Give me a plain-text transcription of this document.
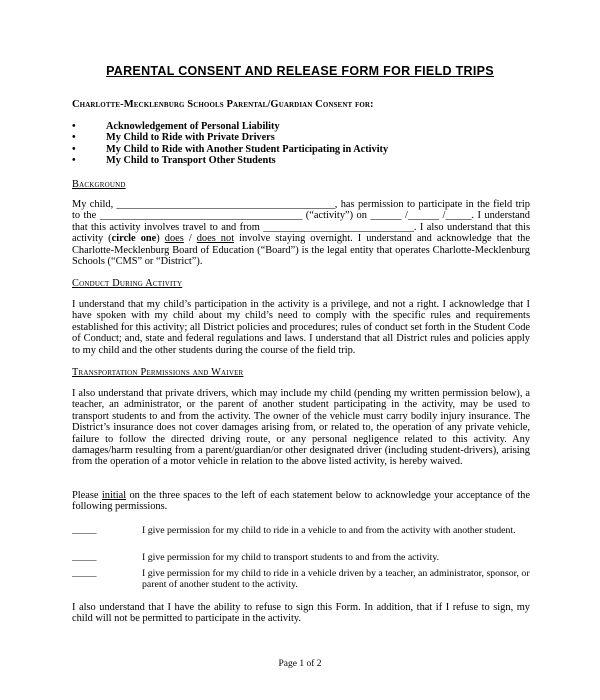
PARENTAL CONSENT AND RELEASE FORM FOR FIELD TRIPS
Charlotte-Mecklenburg Schools Parental/Guardian Consent for:
•	Acknowledgement of Personal Liability
•	My Child to Ride with Private Drivers
•	My Child to Ride with Another Student Participating in Activity
•	My Child to Transport Other Students
Background

My child, __________________________________________, has permission to participate in the field trip to the _______________________________________ (“activity”) on ______ /______ /_____. I understand that this activity involves travel to and from _____________________________. I also understand that this activity (circle one) does / does not involve staying overnight. I understand and acknowledge that the Charlotte-Mecklenburg Board of Education (“Board”) is the legal entity that operates Charlotte-Mecklenburg Schools (“CMS” or “District”).

Conduct During Activity

I understand that my child’s participation in the activity is a privilege, and not a right. I acknowledge that I have spoken with my child about my child’s need to comply with the specific rules and requirements established for this activity; all District policies and procedures; rules of conduct set forth in the Student Code of Conduct; and, state and federal regulations and laws. I understand that all District rules and policies apply to my child and the other students during the course of the field trip.

Transportation Permissions and Waiver

I also understand that private drivers, which may include my child (pending my written permission below), a teacher, an administrator, or the parent of another student participating in the activity, may be used to transport students to and from the activity. The owner of the vehicle must carry bodily injury insurance. The District’s insurance does not cover damages arising from, or related to, the operation of any private vehicle, failure to follow the directed driving route, or any personal negligence related to this activity. Any damages/harm resulting from a parent/guardian/or other designated driver (including student-drivers), arising from the operation of a motor vehicle in relation to the above listed activity, is hereby waived.

Please initial on the three spaces to the left of each statement below to acknowledge your acceptance of the following permissions.

_____	I give permission for my child to ride in a vehicle to and from the activity with another student.
_____	I give permission for my child to transport students to and from the activity.
_____	I give permission for my child to ride in a vehicle driven by a teacher, an administrator, sponsor, or parent of another student to the activity.

I also understand that I have the ability to refuse to sign this Form. In addition, that if I refuse to sign, my child will not be permitted to participate in the activity.

Page 1 of 2
